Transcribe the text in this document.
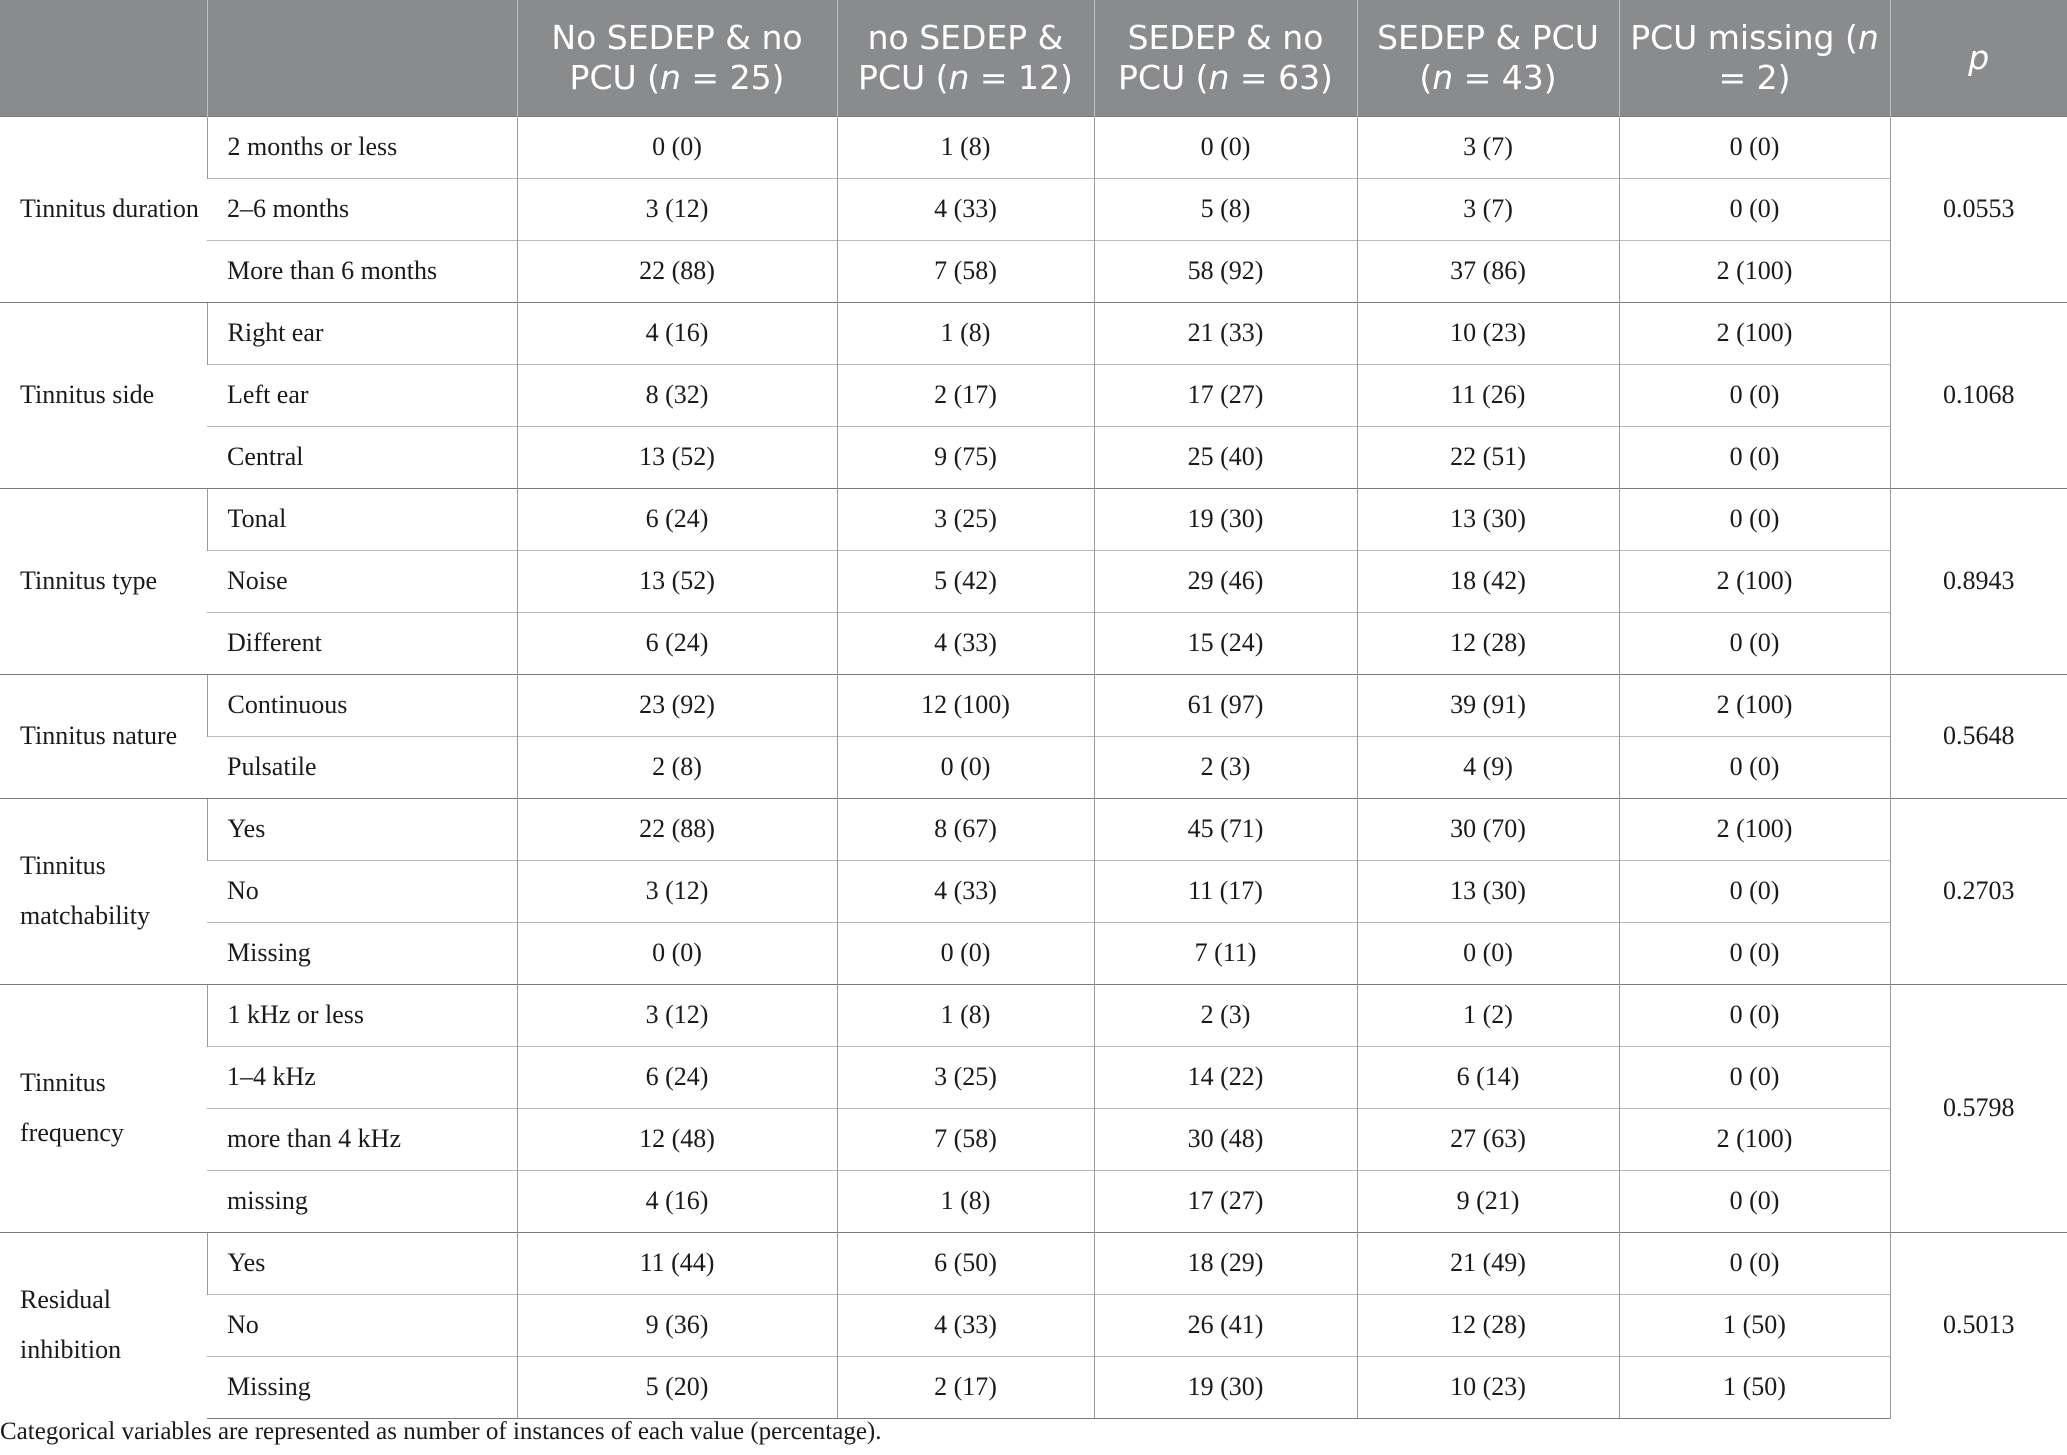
		No SEDEP & no PCU (n = 25)	no SEDEP & PCU (n = 12)	SEDEP & no PCU (n = 63)	SEDEP & PCU (n = 43)	PCU missing (n = 2)	p
Tinnitus duration	2 months or less	0 (0)	1 (8)	0 (0)	3 (7)	0 (0)	0.0553
	2–6 months	3 (12)	4 (33)	5 (8)	3 (7)	0 (0)	
	More than 6 months	22 (88)	7 (58)	58 (92)	37 (86)	2 (100)	
Tinnitus side	Right ear	4 (16)	1 (8)	21 (33)	10 (23)	2 (100)	0.1068
	Left ear	8 (32)	2 (17)	17 (27)	11 (26)	0 (0)	
	Central	13 (52)	9 (75)	25 (40)	22 (51)	0 (0)	
Tinnitus type	Tonal	6 (24)	3 (25)	19 (30)	13 (30)	0 (0)	0.8943
	Noise	13 (52)	5 (42)	29 (46)	18 (42)	2 (100)	
	Different	6 (24)	4 (33)	15 (24)	12 (28)	0 (0)	
Tinnitus nature	Continuous	23 (92)	12 (100)	61 (97)	39 (91)	2 (100)	0.5648
	Pulsatile	2 (8)	0 (0)	2 (3)	4 (9)	0 (0)	
Tinnitus matchability	Yes	22 (88)	8 (67)	45 (71)	30 (70)	2 (100)	0.2703
	No	3 (12)	4 (33)	11 (17)	13 (30)	0 (0)	
	Missing	0 (0)	0 (0)	7 (11)	0 (0)	0 (0)	
Tinnitus frequency	1 kHz or less	3 (12)	1 (8)	2 (3)	1 (2)	0 (0)	0.5798
	1–4 kHz	6 (24)	3 (25)	14 (22)	6 (14)	0 (0)	
	more than 4 kHz	12 (48)	7 (58)	30 (48)	27 (63)	2 (100)	
	missing	4 (16)	1 (8)	17 (27)	9 (21)	0 (0)	
Residual inhibition	Yes	11 (44)	6 (50)	18 (29)	21 (49)	0 (0)	0.5013
	No	9 (36)	4 (33)	26 (41)	12 (28)	1 (50)	
	Missing	5 (20)	2 (17)	19 (30)	10 (23)	1 (50)	
Categorical variables are represented as number of instances of each value (percentage).
